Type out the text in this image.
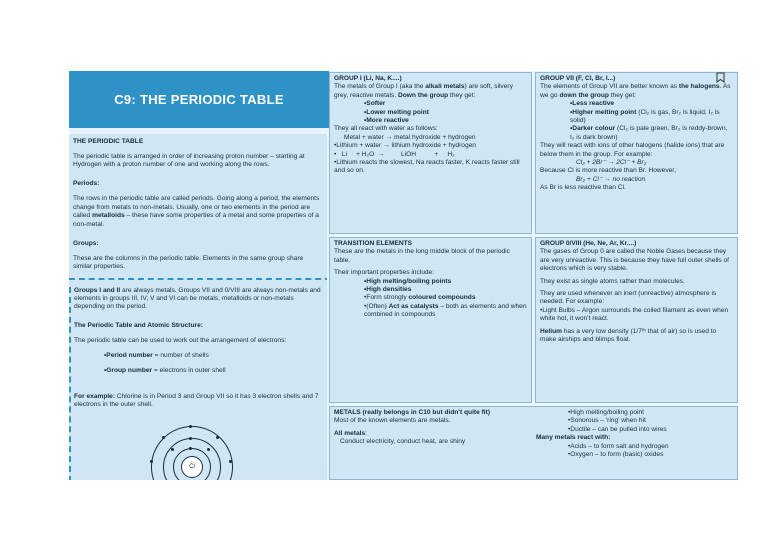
C9: THE PERIODIC TABLE

THE PERIODIC TABLE

The periodic table is arranged in order of increasing proton number – starting at Hydrogen with a proton number of one and working along the rows.

Periods:

The rows in the periodic table are called periods. Going along a period, the elements change from metals to non-metals. Usually, one or two elements in the period are called metalloids – these have some properties of a metal and some properties of a non-metal.

Groups:

These are the columns in the periodic table. Elements in the same group share similar properties.

Groups I and II are always metals. Groups VII and 0/VIII are always non-metals and elements in groups III, IV, V and VI can be metals, metalloids or non-metals depending on the period.

The Periodic Table and Atomic Structure:

The periodic table can be used to work out the arrangement of electrons:

•Period number = number of shells

•Group number = electrons in outer shell

For example: Chlorine is in Period 3 and Group VII so it has 3 electron shells and 7 electrons in the outer shell.

Cl

GROUP I (Li, Na, K....)

The metals of Group I (aka the alkali metals) are soft, silvery grey, reactive metals. Down the group they get:

•Softer

•Lower melting point

•More reactive

They all react with water as follows:

Metal + water → metal hydroxide + hydrogen

•Lithium + water → lithium hydroxide + hydrogen

•   Li     + H₂O  →         LiOH          +     H₂

•Lithium reacts the slowest, Na reacts faster, K reacts faster still and so on.

GROUP VII (F, Cl, Br, I...)

The elements of Group VII are better known as the halogens. As we go down the group they get:

•Less reactive

•Higher melting point (Cl₂ is gas, Br₂ is liquid, I₂ is solid)

•Darker colour (Cl₂ is pale green, Br₂ is reddy-brown, I₂ is dark brown)

They will react with ions of other halogens (halide ions) that are below them in the group. For example:

Cl₂ + 2Br⁻ → 2Cl⁻ + Br₂

Because Cl is more reactive than Br. However,

Br₂ + Cl⁻ → no reaction

As Br is less reactive than Cl.

TRANSITION ELEMENTS

These are the metals in the long middle block of the periodic table.

Their important properties include:

•High melting/boiling points

•High densities

•Form strongly coloured compounds

•(Often) Act as catalysts – both as elements and when combined in compounds

GROUP 0/VIII (He, Ne, Ar, Kr....)

The gases of Group 0 are called the Noble Gases because they are very unreactive. This is because they have full outer shells of electrons which is very stable.

They exist as single atoms rather than molecules.

They are used whenever an inert (unreactive) atmosphere is needed. For example:

•Light Bulbs – Argon surrounds the coiled filament as even when white hot, it won't react.

Helium has a very low density (1/7ᵗʰ that of air) so is used to make airships and blimps float.

METALS (really belongs in C10 but didn't quite fit)

Most of the known elements are metals.

All metals:

Conduct electricity, conduct heat, are shiny

•High melting/boiling point

•Sonorous – 'ring' when hit

•Ductile – can be pulled into wires

Many metals react with:

•Acids – to form salt and hydrogen

•Oxygen – to form (basic) oxides
